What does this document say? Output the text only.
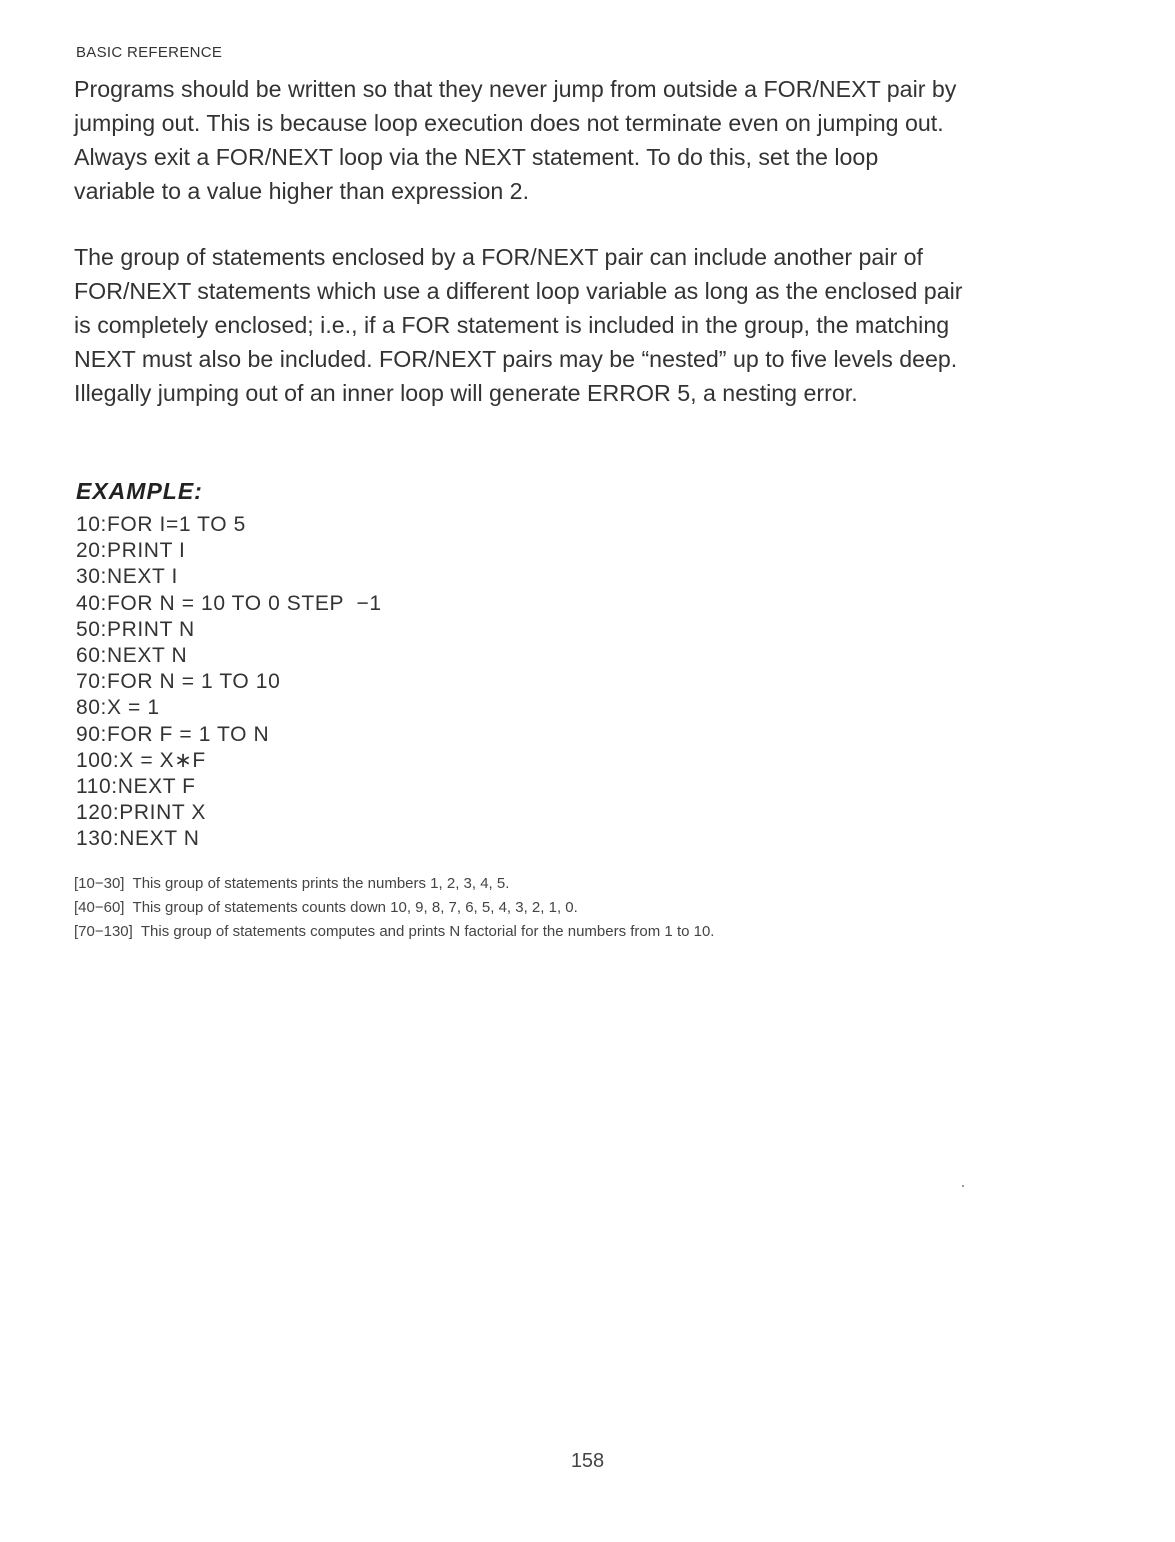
BASIC REFERENCE

Programs should be written so that they never jump from outside a FOR/NEXT pair by jumping out. This is because loop execution does not terminate even on jumping out. Always exit a FOR/NEXT loop via the NEXT statement. To do this, set the loop variable to a value higher than expression 2.

The group of statements enclosed by a FOR/NEXT pair can include another pair of FOR/NEXT statements which use a different loop variable as long as the enclosed pair is completely enclosed; i.e., if a FOR statement is included in the group, the matching NEXT must also be included. FOR/NEXT pairs may be “nested” up to five levels deep. Illegally jumping out of an inner loop will generate ERROR 5, a nesting error.

EXAMPLE:
10:FOR I=1 TO 5
20:PRINT I
30:NEXT I
40:FOR N = 10 TO 0 STEP  −1
50:PRINT N
60:NEXT N
70:FOR N = 1 TO 10
80:X = 1
90:FOR F = 1 TO N
100:X = X∗F
110:NEXT F
120:PRINT X
130:NEXT N
[10−30]  This group of statements prints the numbers 1, 2, 3, 4, 5.
[40−60]  This group of statements counts down 10, 9, 8, 7, 6, 5, 4, 3, 2, 1, 0.
[70−130]  This group of statements computes and prints N factorial for the numbers from 1 to 10.
158
